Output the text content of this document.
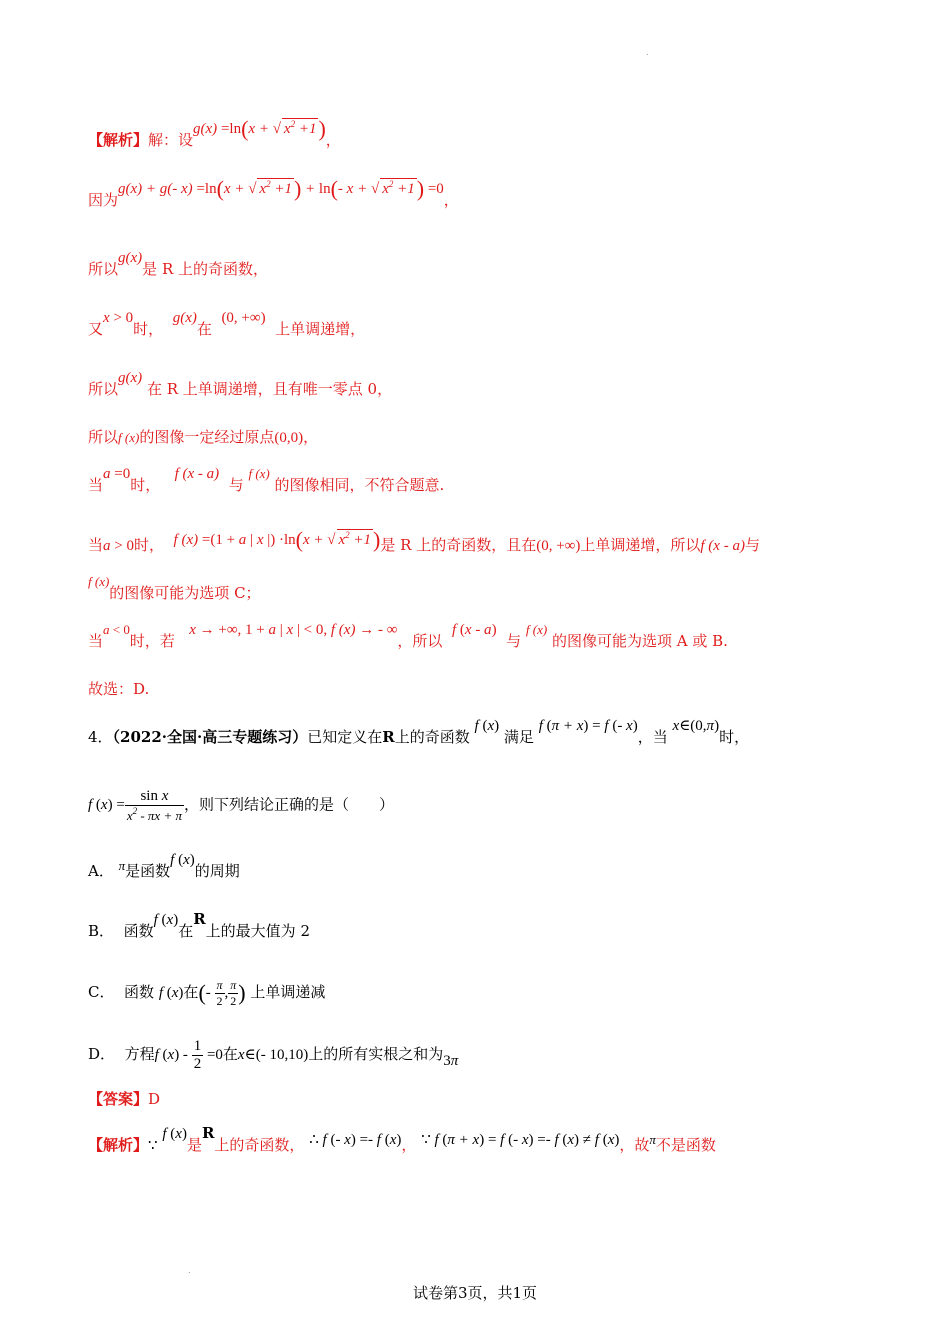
【解析】解：设g(x) =ln(x + √ $x^2 +1$)，
因为g(x) + g(- x) =ln(x + √ $x^2 +1) + \ln(-$ x + √ $x^2 +1) =0$，
所以g(x)是 R 上的奇函数，
又x > 0时，  g(x)在  (0, +∞)  上单调递增，
所以g(x) 在 R 上单调递增，且有唯一零点 0，
所以f (x)的图像一定经过原点(0,0)，
当a =0时，   f (x - a)  与 f (x) 的图像相同，不符合题意.
当a > 0时， f (x) =(1 + a | x |) ·ln(x + √ $x^2 +1$)是 R 上的奇函数，且在(0, +∞)上单调递增，所以f (x - a)与
f (x)的图像可能为选项 C；
当a < 0时，若   x → +∞, 1 + a | x | < 0, f (x) → - ∞，所以  f (x - a)  与 f (x) 的图像可能为选项 A 或 B.
故选：D.
4．（2022·全国·高三专题练习）已知定义在R上的奇函数 f (x) 满足 f (π + x) = f (- x)，当 x∈(0,π)时，
f $(x) = \frac{\text{sin x}}{x^2 - \pi x + \pi}$ ，则下列结论正确的是（　　）
A． π是函数f (x)的周期
B． 函数f (x)在R上的最大值为 2
C． 函数 f (x)在(- $\frac{\pi}{2}$ , $\frac{\pi}{2}$ ) 上单调递减
D． 方程f $(x) - \frac{1}{2} =0$在x∈(- 10,10)上的所有实根之和为3π
【答案】D
【解析】∵ f (x)是R上的奇函数， ∴ f (- x) =- f (x)， ∵ f (π + x) = f (- x) =- f (x) ≠ f (x)，故π不是函数
试卷第3页，共1页
.
.
